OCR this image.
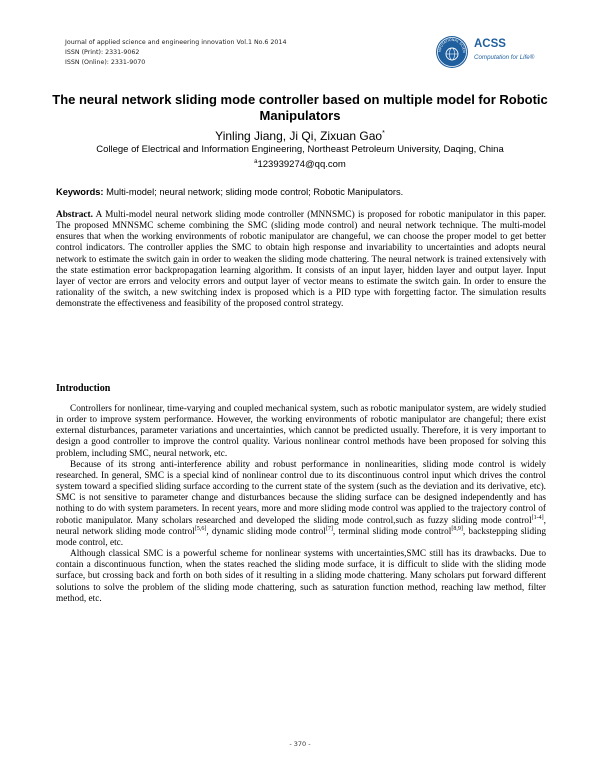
Journal of applied science and engineering innovation Vol.1 No.6 2014
ISSN (Print): 2331-9062
ISSN (Online): 2331-9070
MPUTATIONAL SCIEN
ACSS
Computation for Life®
The neural network sliding mode controller based on multiple model for Robotic Manipulators
Yinling Jiang, Ji Qi, Zixuan Gao*
College of Electrical and Information Engineering, Northeast Petroleum University, Daqing, China
$^a$123939274@qq.com
Keywords: Multi-model; neural network; sliding mode control; Robotic Manipulators.
Abstract. A Multi-model neural network sliding mode controller (MNNSMC) is proposed for robotic manipulator in this paper. The proposed MNNSMC scheme combining the SMC (sliding mode control) and neural network technique. The multi-model ensures that when the working environments of robotic manipulator are changeful, we can choose the proper model to get better control indicators. The controller applies the SMC to obtain high response and invariability to uncertainties and adopts neural network to estimate the switch gain in order to weaken the sliding mode chattering. The neural network is trained extensively with the state estimation error backpropagation learning algorithm. It consists of an input layer, hidden layer and output layer. Input layer of vector are errors and velocity errors and output layer of vector means to estimate the switch gain. In order to ensure the rationality of the switch, a new switching index is proposed which is a PID type with forgetting factor. The simulation results demonstrate the effectiveness and feasibility of the proposed control strategy.
Introduction

Controllers for nonlinear, time-varying and coupled mechanical system, such as robotic manipulator system, are widely studied in order to improve system performance. However, the working environments of robotic manipulator are changeful; there exist external disturbances, parameter variations and uncertainties, which cannot be predicted usually. Therefore, it is very important to design a good controller to improve the control quality. Various nonlinear control methods have been proposed for solving this problem, including SMC, neural network, etc.

Because of its strong anti-interference ability and robust performance in nonlinearities, sliding mode control is widely researched. In general, SMC is a special kind of nonlinear control due to its discontinuous control input which drives the control system toward a specified sliding surface according to the current state of the system (such as the deviation and its derivative, etc). SMC is not sensitive to parameter change and disturbances because the sliding surface can be designed independently and has nothing to do with system parameters. In recent years, more and more sliding mode control was applied to the trajectory control of robotic manipulator. Many scholars researched and developed the sliding mode control,such as fuzzy sliding mode control[1-4], neural network sliding mode control[5,6], dynamic sliding mode control[7], terminal sliding mode control[8,9], backstepping sliding mode control, etc.

Although classical SMC is a powerful scheme for nonlinear systems with uncertainties,SMC still has its drawbacks. Due to contain a discontinuous function, when the states reached the sliding mode surface, it is difficult to slide with the sliding mode surface, but crossing back and forth on both sides of it resulting in a sliding mode chattering. Many scholars put forward different solutions to solve the problem of the sliding mode chattering, such as saturation function method, reaching law method, filter method, etc.

- 370 -
